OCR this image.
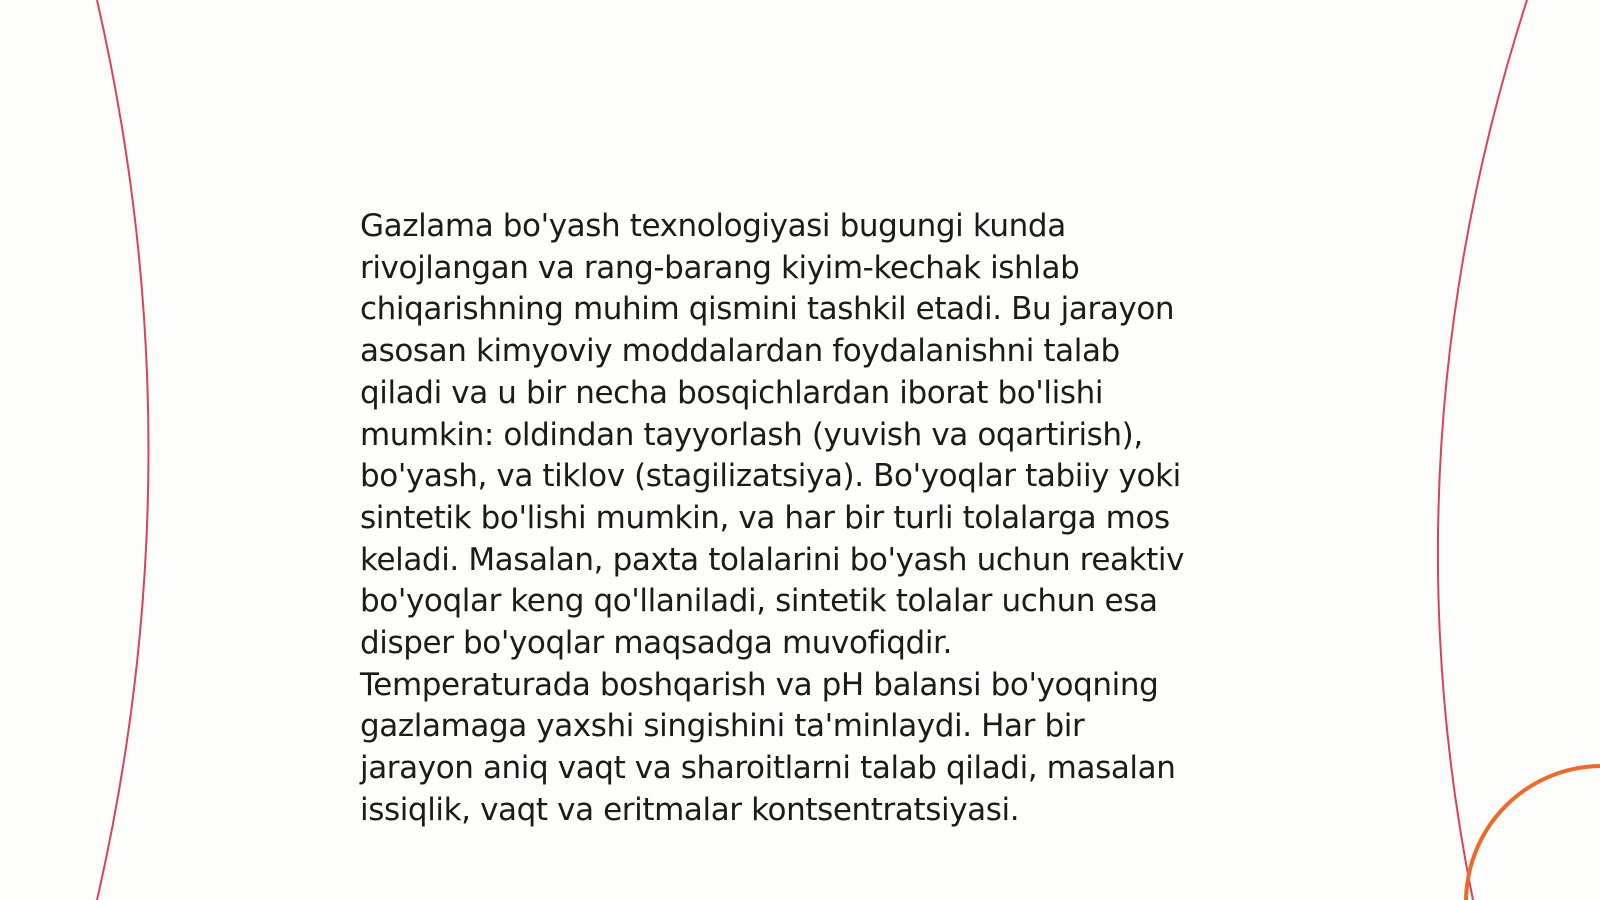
Gazlama bo'yash texnologiyasi bugungi kunda
rivojlangan va rang-barang kiyim-kechak ishlab
chiqarishning muhim qismini tashkil etadi. Bu jarayon
asosan kimyoviy moddalardan foydalanishni talab
qiladi va u bir necha bosqichlardan iborat bo'lishi
mumkin: oldindan tayyorlash (yuvish va oqartirish),
bo'yash, va tiklov (stagilizatsiya). Bo'yoqlar tabiiy yoki
sintetik bo'lishi mumkin, va har bir turli tolalarga mos
keladi. Masalan, paxta tolalarini bo'yash uchun reaktiv
bo'yoqlar keng qo'llaniladi, sintetik tolalar uchun esa
disper bo'yoqlar maqsadga muvofiqdir.
Temperaturada boshqarish va pH balansi bo'yoqning
gazlamaga yaxshi singishini ta'minlaydi. Har bir
jarayon aniq vaqt va sharoitlarni talab qiladi, masalan
issiqlik, vaqt va eritmalar kontsentratsiyasi.
